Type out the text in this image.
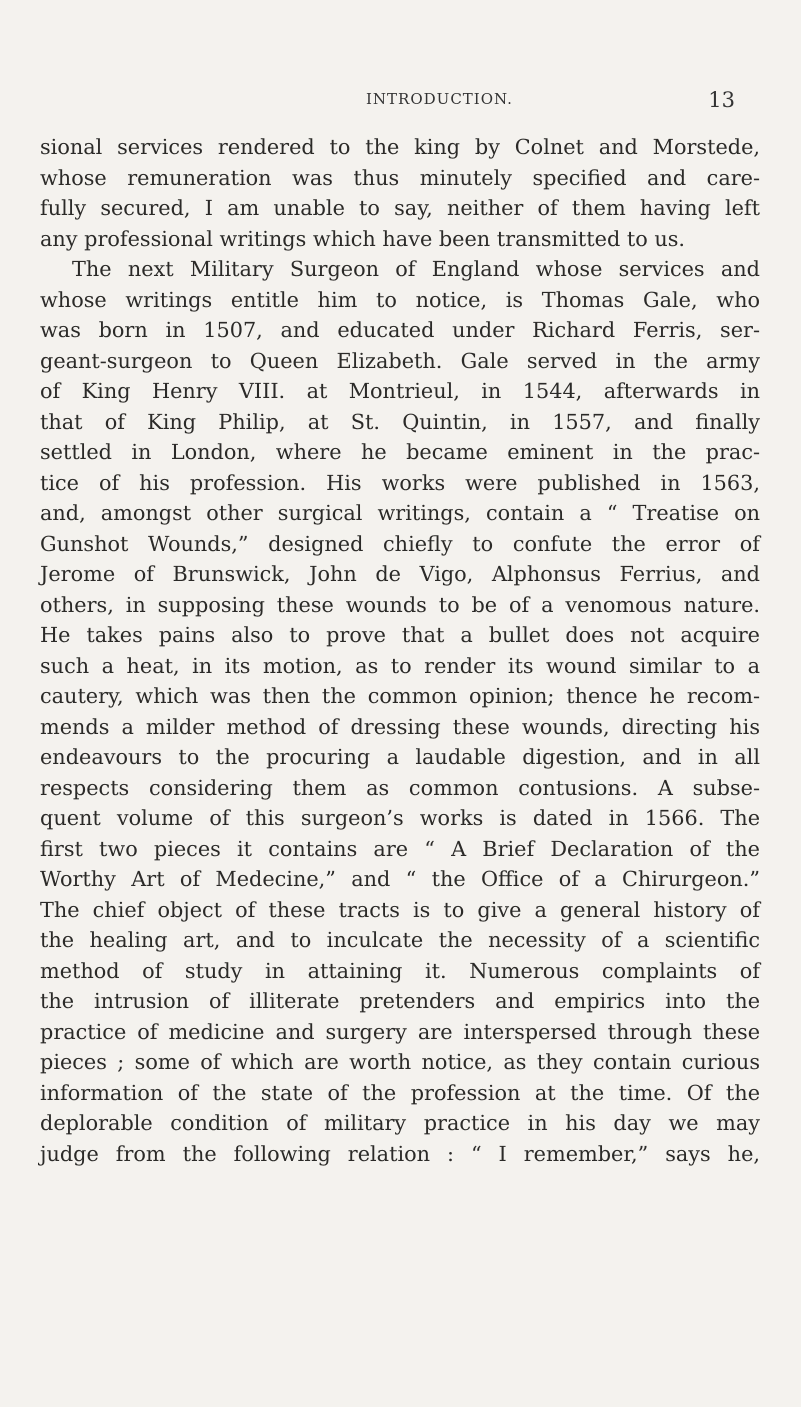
INTRODUCTION.	13
sional services rendered to the king by Colnet and Morstede,
whose remuneration was thus minutely specified and care-
fully secured, I am unable to say, neither of them having left
any professional writings which have been transmitted to us.
The next Military Surgeon of England whose services and
whose writings entitle him to notice, is Thomas Gale, who
was born in 1507, and educated under Richard Ferris, ser-
geant-surgeon to Queen Elizabeth. Gale served in the army
of King Henry VIII. at Montrieul, in 1544, afterwards in
that of King Philip, at St. Quintin, in 1557, and finally
settled in London, where he became eminent in the prac-
tice of his profession. His works were published in 1563,
and, amongst other surgical writings, contain a “ Treatise on
Gunshot Wounds,” designed chiefly to confute the error of
Jerome of Brunswick, John de Vigo, Alphonsus Ferrius, and
others, in supposing these wounds to be of a venomous nature.
He takes pains also to prove that a bullet does not acquire
such a heat, in its motion, as to render its wound similar to a
cautery, which was then the common opinion; thence he recom-
mends a milder method of dressing these wounds, directing his
endeavours to the procuring a laudable digestion, and in all
respects considering them as common contusions. A subse-
quent volume of this surgeon’s works is dated in 1566. The
first two pieces it contains are “ A Brief Declaration of the
Worthy Art of Medecine,” and “ the Office of a Chirurgeon.”
The chief object of these tracts is to give a general history of
the healing art, and to inculcate the necessity of a scientific
method of study in attaining it. Numerous complaints of
the intrusion of illiterate pretenders and empirics into the
practice of medicine and surgery are interspersed through these
pieces ; some of which are worth notice, as they contain curious
information of the state of the profession at the time. Of the
deplorable condition of military practice in his day we may
judge from the following relation : “ I remember,” says he,
